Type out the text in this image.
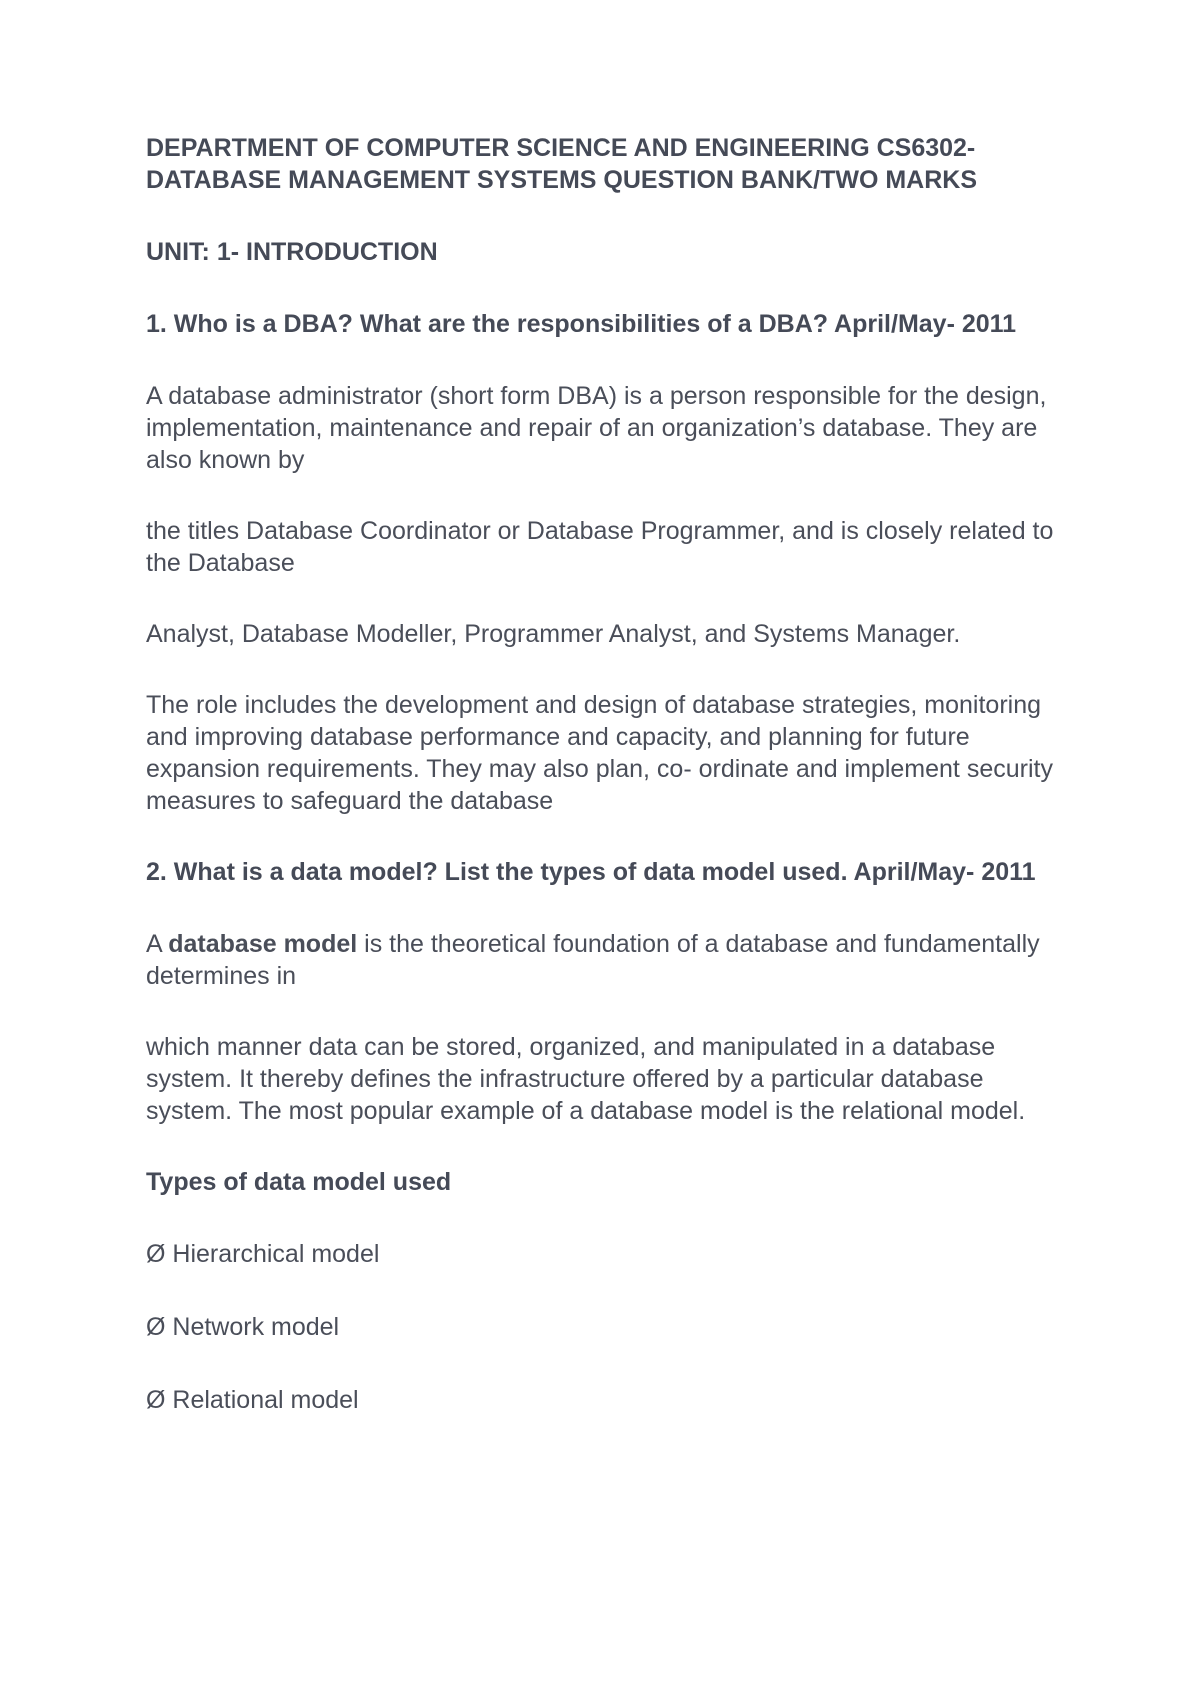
DEPARTMENT OF COMPUTER SCIENCE AND ENGINEERING CS6302- DATABASE MANAGEMENT SYSTEMS QUESTION BANK/TWO MARKS

UNIT: 1- INTRODUCTION

1. Who is a DBA? What are the responsibilities of a DBA? April/May- 2011

A database administrator (short form DBA) is a person responsible for the design, implementation, maintenance and repair of an organization’s database. They are also known by

the titles Database Coordinator or Database Programmer, and is closely related to the Database

Analyst, Database Modeller, Programmer Analyst, and Systems Manager.

The role includes the development and design of database strategies, monitoring and improving database performance and capacity, and planning for future expansion requirements. They may also plan, co- ordinate and implement security measures to safeguard the database

2. What is a data model? List the types of data model used. April/May- 2011

A database model is the theoretical foundation of a database and fundamentally determines in

which manner data can be stored, organized, and manipulated in a database system. It thereby defines the infrastructure offered by a particular database system. The most popular example of a database model is the relational model.

Types of data model used

Ø Hierarchical model

Ø Network model

Ø Relational model
